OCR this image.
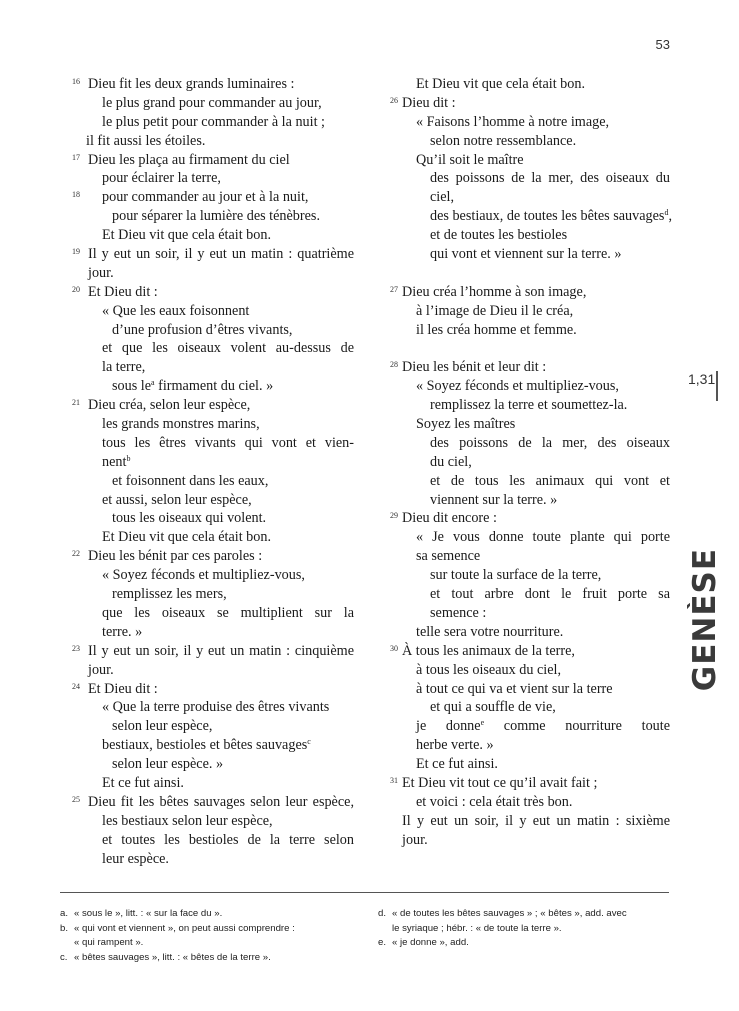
53
16 Dieu fit les deux grands luminaires :
le plus grand pour commander au jour,
le plus petit pour commander à la nuit ;
il fit aussi les étoiles.
17 Dieu les plaça au firmament du ciel
pour éclairer la terre,
18 pour commander au jour et à la nuit,
pour séparer la lumière des ténèbres.
Et Dieu vit que cela était bon.
19 Il y eut un soir, il y eut un matin : quatrième
jour.
20 Et Dieu dit :
« Que les eaux foisonnent
d’une profusion d’êtres vivants,
et que les oiseaux volent au-dessus de
la terre,
sous le$^a$ firmament du ciel. »
21 Dieu créa, selon leur espèce,
les grands monstres marins,
tous les êtres vivants qui vont et vien-
nent$^b$
et foisonnent dans les eaux,
et aussi, selon leur espèce,
tous les oiseaux qui volent.
Et Dieu vit que cela était bon.
22 Dieu les bénit par ces paroles :
« Soyez féconds et multipliez-vous,
remplissez les mers,
que les oiseaux se multiplient sur la
terre. »
23 Il y eut un soir, il y eut un matin : cinquième
jour.
24 Et Dieu dit :
« Que la terre produise des êtres vivants
selon leur espèce,
bestiaux, bestioles et bêtes sauvages$^c$
selon leur espèce. »
Et ce fut ainsi.
25 Dieu fit les bêtes sauvages selon leur espèce,
les bestiaux selon leur espèce,
et toutes les bestioles de la terre selon
leur espèce.
Et Dieu vit que cela était bon.
26 Dieu dit :
« Faisons l’homme à notre image,
selon notre ressemblance.
Qu’il soit le maître
des poissons de la mer, des oiseaux du
ciel,
des bestiaux, de toutes les bêtes sauvages$^d$,
et de toutes les bestioles
qui vont et viennent sur la terre. »
27 Dieu créa l’homme à son image,
à l’image de Dieu il le créa,
il les créa homme et femme.
28 Dieu les bénit et leur dit :
« Soyez féconds et multipliez-vous,
remplissez la terre et soumettez-la.
Soyez les maîtres
des poissons de la mer, des oiseaux
du ciel,
et de tous les animaux qui vont et
viennent sur la terre. »
29 Dieu dit encore :
« Je vous donne toute plante qui porte
sa semence
sur toute la surface de la terre,
et tout arbre dont le fruit porte sa
semence :
telle sera votre nourriture.
30 À tous les animaux de la terre,
à tous les oiseaux du ciel,
à tout ce qui va et vient sur la terre
et qui a souffle de vie,
je donne$^e$ comme nourriture toute
herbe verte. »
Et ce fut ainsi.
31 Et Dieu vit tout ce qu’il avait fait ;
et voici : cela était très bon.
Il y eut un soir, il y eut un matin : sixième
jour.
1,31
GENÈSE
a. « sous le », litt. : « sur la face du ».
b. « qui vont et viennent », on peut aussi comprendre :
« qui rampent ».
c. « bêtes sauvages », litt. : « bêtes de la terre ».
d. « de toutes les bêtes sauvages » ; « bêtes », add. avec
le syriaque ; hébr. : « de toute la terre ».
e. « je donne », add.
